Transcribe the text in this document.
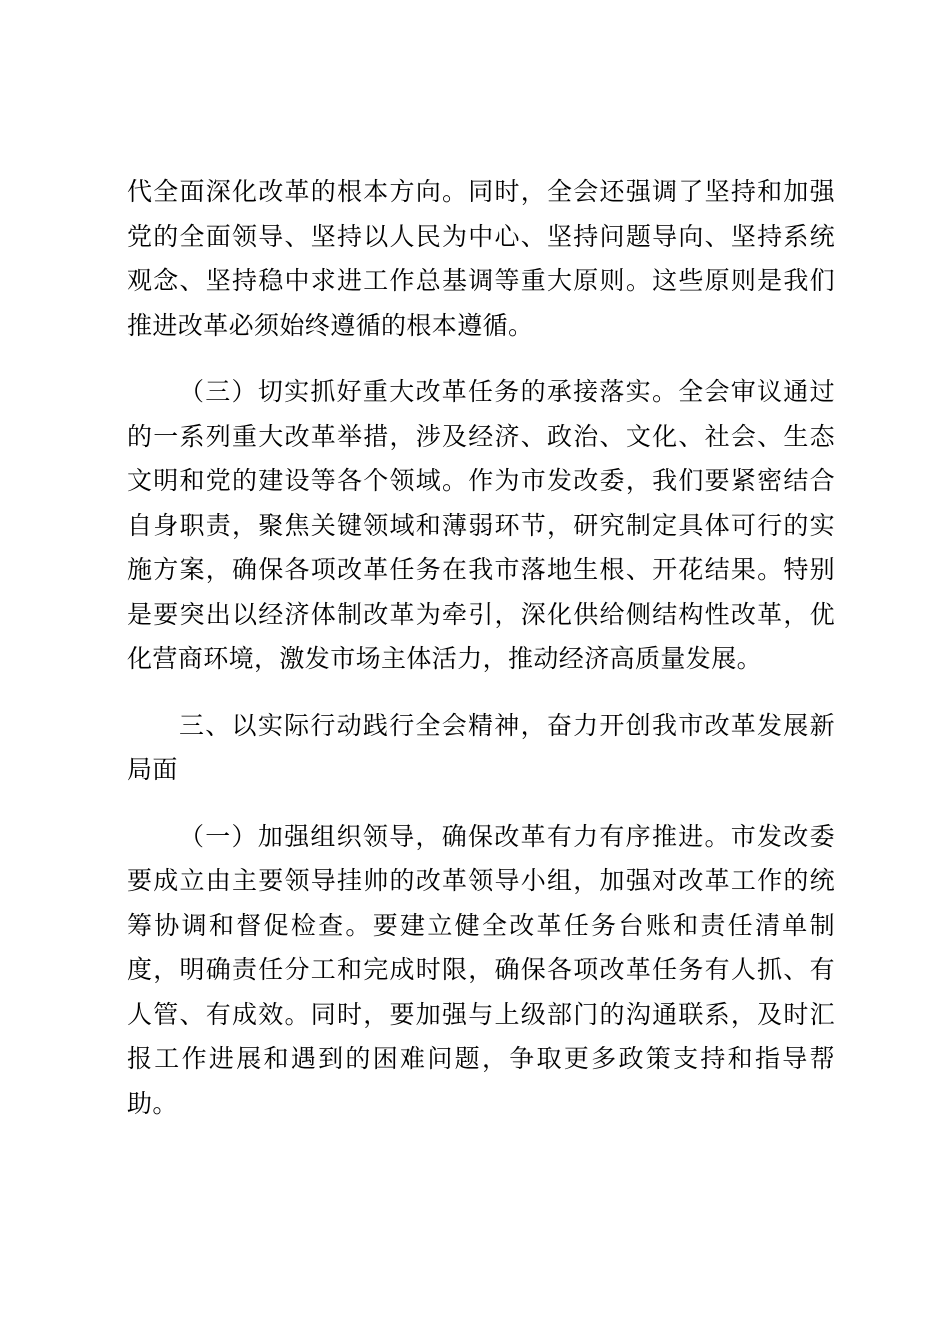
代全面深化改革的根本方向。同时，全会还强调了坚持和加强党的全面领导、坚持以人民为中心、坚持问题导向、坚持系统观念、坚持稳中求进工作总基调等重大原则。这些原则是我们推进改革必须始终遵循的根本遵循。

（三）切实抓好重大改革任务的承接落实。全会审议通过的一系列重大改革举措，涉及经济、政治、文化、社会、生态文明和党的建设等各个领域。作为市发改委，我们要紧密结合自身职责，聚焦关键领域和薄弱环节，研究制定具体可行的实施方案，确保各项改革任务在我市落地生根、开花结果。特别是要突出以经济体制改革为牵引，深化供给侧结构性改革，优化营商环境，激发市场主体活力，推动经济高质量发展。

三、以实际行动践行全会精神，奋力开创我市改革发展新局面

（一）加强组织领导，确保改革有力有序推进。市发改委要成立由主要领导挂帅的改革领导小组，加强对改革工作的统筹协调和督促检查。要建立健全改革任务台账和责任清单制度，明确责任分工和完成时限，确保各项改革任务有人抓、有人管、有成效。同时，要加强与上级部门的沟通联系，及时汇报工作进展和遇到的困难问题，争取更多政策支持和指导帮助。
